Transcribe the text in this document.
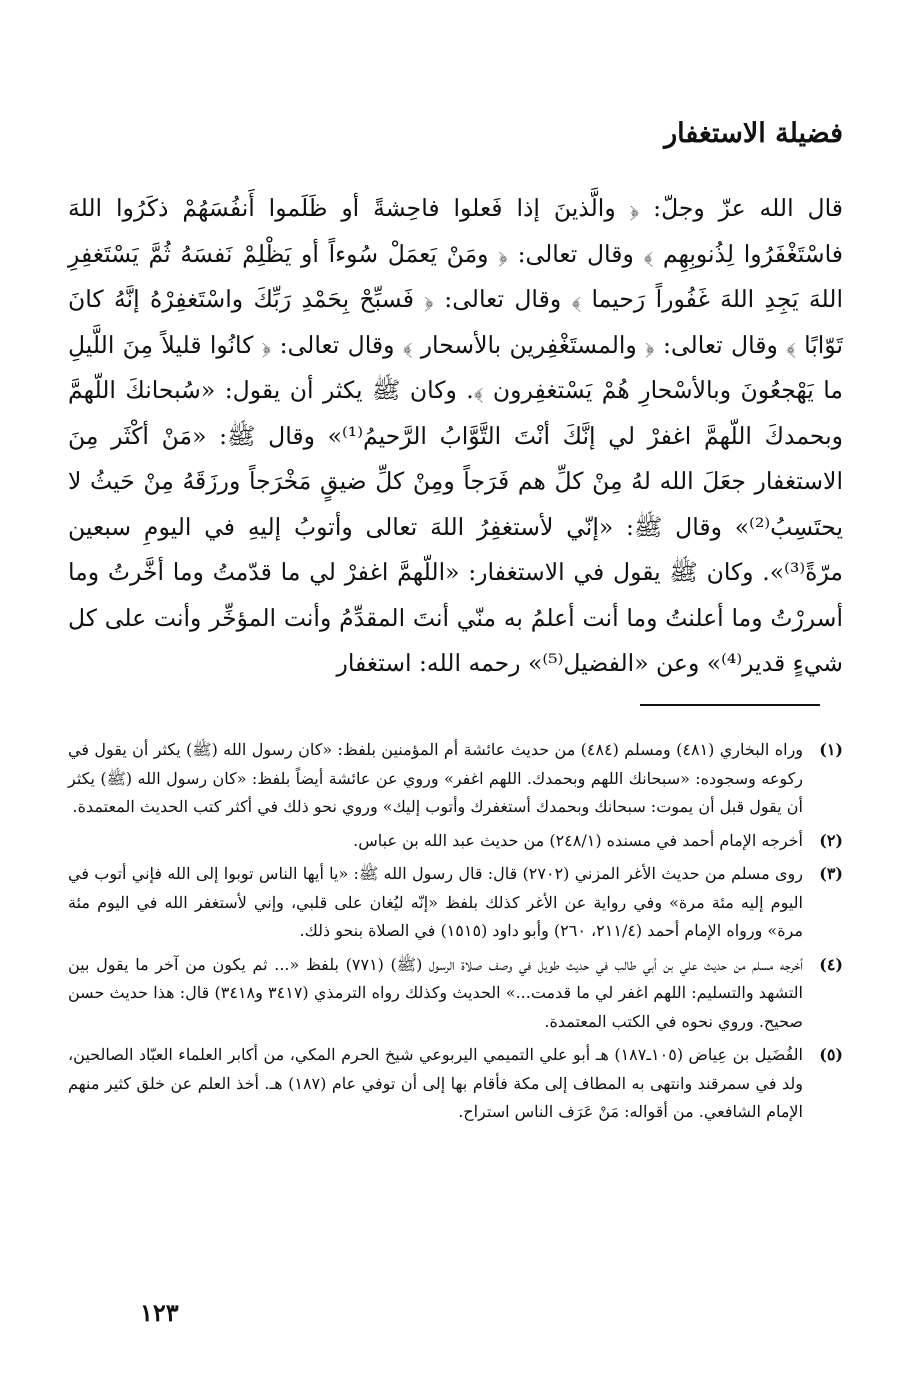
فضيلة الاستغفار

قال الله عزّ وجلّ: ﴿ والَّذينَ إذا فَعلوا فاحِشةً أو ظَلَموا أَنفُسَهُمْ ذكَرُوا اللهَ فاسْتَغْفَرُوا لِذُنوبِهِم ﴾ وقال تعالى: ﴿ ومَنْ يَعمَلْ سُوءاً أو يَظْلِمْ نَفسَهُ ثُمَّ يَسْتَغفِرِ اللهَ يَجِدِ اللهَ غَفُوراً رَحيما ﴾ وقال تعالى: ﴿ فَسبِّحْ بِحَمْدِ رَبِّكَ واسْتَغفِرْهُ إنَّهُ كانَ تَوّابًا ﴾ وقال تعالى: ﴿ والمستَغْفِرين بالأسحار ﴾ وقال تعالى: ﴿ كانُوا قليلاً مِنَ اللَّيلِ ما يَهْجعُونَ وبالأسْحارِ هُمْ يَسْتغفِرون ﴾. وكان ﷺ يكثر أن يقول: «سُبحانكَ اللّهمَّ وبحمدكَ اللّهمَّ اغفرْ لي إنَّكَ أنْتَ التَّوَّابُ الرَّحيمُ⁽¹⁾» وقال ﷺ: «مَنْ أكْثَر مِنَ الاستغفار جعَلَ الله لهُ مِنْ كلِّ هم فَرَجاً ومِنْ كلِّ ضيقٍ مَخْرَجاً ورزَقَهُ مِنْ حَيثُ لا يحتَسِبُ⁽²⁾» وقال ﷺ: «إنّي لأستغفِرُ اللهَ تعالى وأتوبُ إليهِ في اليومِ سبعين مرّةً⁽³⁾». وكان ﷺ يقول في الاستغفار: «اللّهمَّ اغفرْ لي ما قدّمتُ وما أخَّرتُ وما أسررْتُ وما أعلنتُ وما أنت أعلمُ به منّي أنتَ المقدِّمُ وأنت المؤخِّر وأنت على كل شيءٍ قدير⁽⁴⁾» وعن «الفضيل⁽⁵⁾» رحمه الله: استغفار

(١)
وراه البخاري (٤٨١) ومسلم (٤٨٤) من حديث عائشة أم المؤمنين بلفظ: «كان رسول الله (ﷺ) يكثر أن يقول في ركوعه وسجوده: «سبحانك اللهم وبحمدك. اللهم اغفر» وروي عن عائشة أيضاً بلفظ: «كان رسول الله (ﷺ) يكثر أن يقول قبل أن يموت: سبحانك وبحمدك أستغفرك وأتوب إليك» وروي نحو ذلك في أكثر كتب الحديث المعتمدة.
(٢)
أخرجه الإمام أحمد في مسنده (٢٤٨/١) من حديث عبد الله بن عباس.
(٣)
روى مسلم من حديث الأغر المزني (٢٧٠٢) قال: قال رسول الله ﷺ: «يا أيها الناس توبوا إلى الله فإني أتوب في اليوم إليه مئة مرة» وفي رواية عن الأغر كذلك بلفظ «إنّه ليُغان على قلبي، وإني لأستغفر الله في اليوم مئة مرة» ورواه الإمام أحمد (٢١١/٤، ٢٦٠) وأبو داود (١٥١٥) في الصلاة بنحو ذلك.
(٤)
أخرجه مسلم من حديث علي بن أبي طالب في حديث طويل في وصف صلاة الرسول (ﷺ) (٧٧١) بلفظ «... ثم يكون من آخر ما يقول بين التشهد والتسليم: اللهم اغفر لي ما قدمت...» الحديث وكذلك رواه الترمذي (٣٤١٧ و٣٤١٨) قال: هذا حديث حسن صحيح. وروي نحوه في الكتب المعتمدة.
(٥)
الفُضَيل بن عِياض (١٠٥ـ١٨٧) هـ أبو علي التميمي اليربوعي شيخ الحرم المكي، من أكابر العلماء العبّاد الصالحين، ولد في سمرقند وانتهى به المطاف إلى مكة فأقام بها إلى أن توفي عام (١٨٧) هـ. أخذ العلم عن خلق كثير منهم الإمام الشافعي. من أقواله: مَنْ عَرَف الناس استراح.
١٢٣
